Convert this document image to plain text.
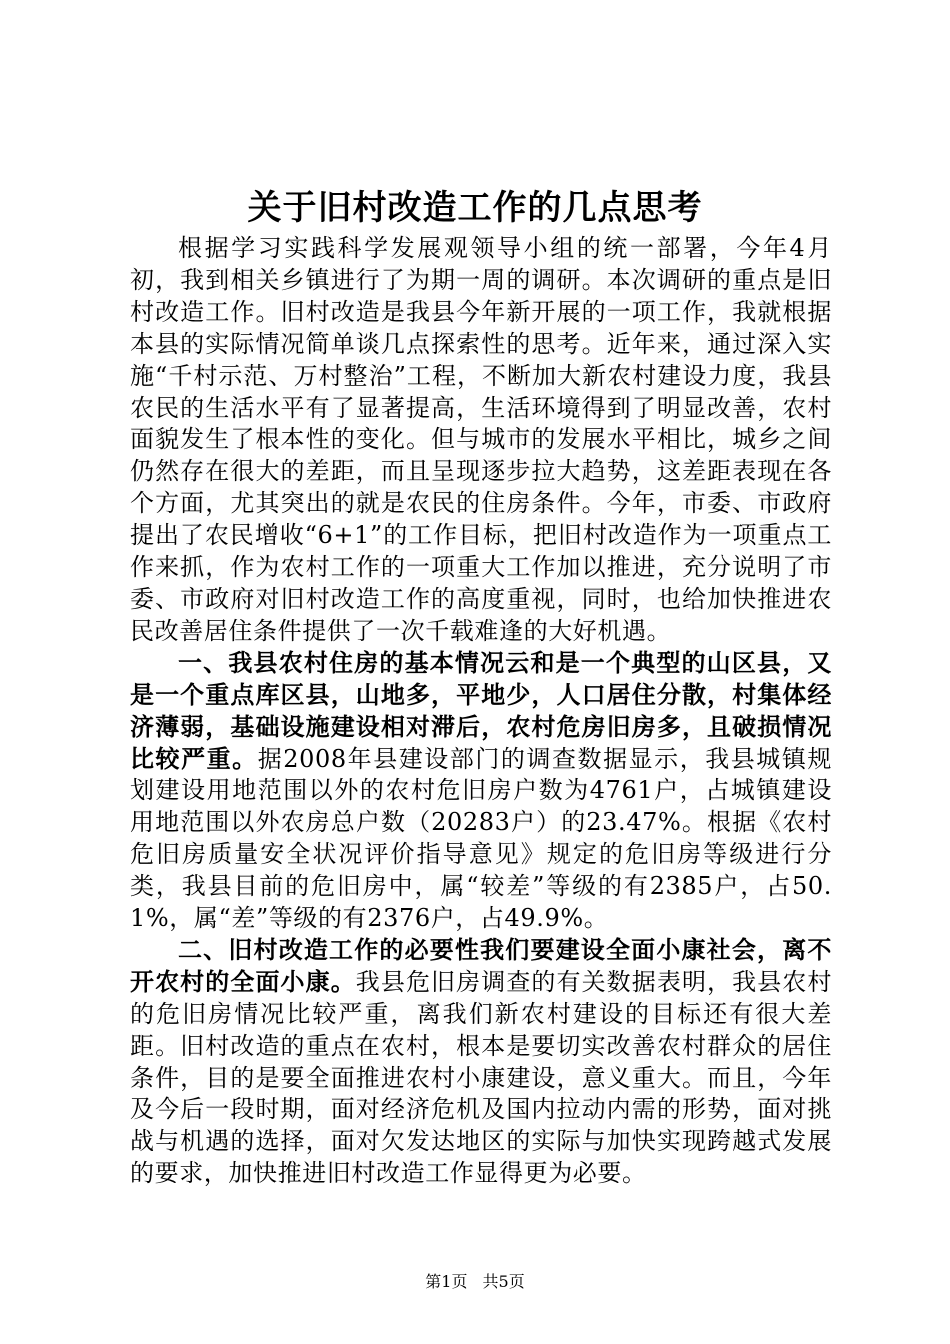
关于旧村改造工作的几点思考

根据学习实践科学发展观领导小组的统一部署，今年4月初，我到相关乡镇进行了为期一周的调研。本次调研的重点是旧村改造工作。旧村改造是我县今年新开展的一项工作，我就根据本县的实际情况简单谈几点探索性的思考。近年来，通过深入实施“千村示范、万村整治”工程，不断加大新农村建设力度，我县农民的生活水平有了显著提高，生活环境得到了明显改善，农村面貌发生了根本性的变化。但与城市的发展水平相比，城乡之间仍然存在很大的差距，而且呈现逐步拉大趋势，这差距表现在各个方面，尤其突出的就是农民的住房条件。今年，市委、市政府提出了农民增收“6+1”的工作目标，把旧村改造作为一项重点工作来抓，作为农村工作的一项重大工作加以推进，充分说明了市委、市政府对旧村改造工作的高度重视，同时，也给加快推进农民改善居住条件提供了一次千载难逢的大好机遇。

一、我县农村住房的基本情况云和是一个典型的山区县，又是一个重点库区县，山地多，平地少，人口居住分散，村集体经济薄弱，基础设施建设相对滞后，农村危房旧房多，且破损情况比较严重。据2008年县建设部门的调查数据显示，我县城镇规划建设用地范围以外的农村危旧房户数为4761户，占城镇建设用地范围以外农房总户数（20283户）的23.47%。根据《农村危旧房质量安全状况评价指导意见》规定的危旧房等级进行分类，我县目前的危旧房中，属“较差”等级的有2385户，占50.1%，属“差”等级的有2376户，占49.9%。

二、旧村改造工作的必要性我们要建设全面小康社会，离不开农村的全面小康。我县危旧房调查的有关数据表明，我县农村的危旧房情况比较严重，离我们新农村建设的目标还有很大差距。旧村改造的重点在农村，根本是要切实改善农村群众的居住条件，目的是要全面推进农村小康建设，意义重大。而且，今年及今后一段时期，面对经济危机及国内拉动内需的形势，面对挑战与机遇的选择，面对欠发达地区的实际与加快实现跨越式发展的要求，加快推进旧村改造工作显得更为必要。

第1页 共5页
